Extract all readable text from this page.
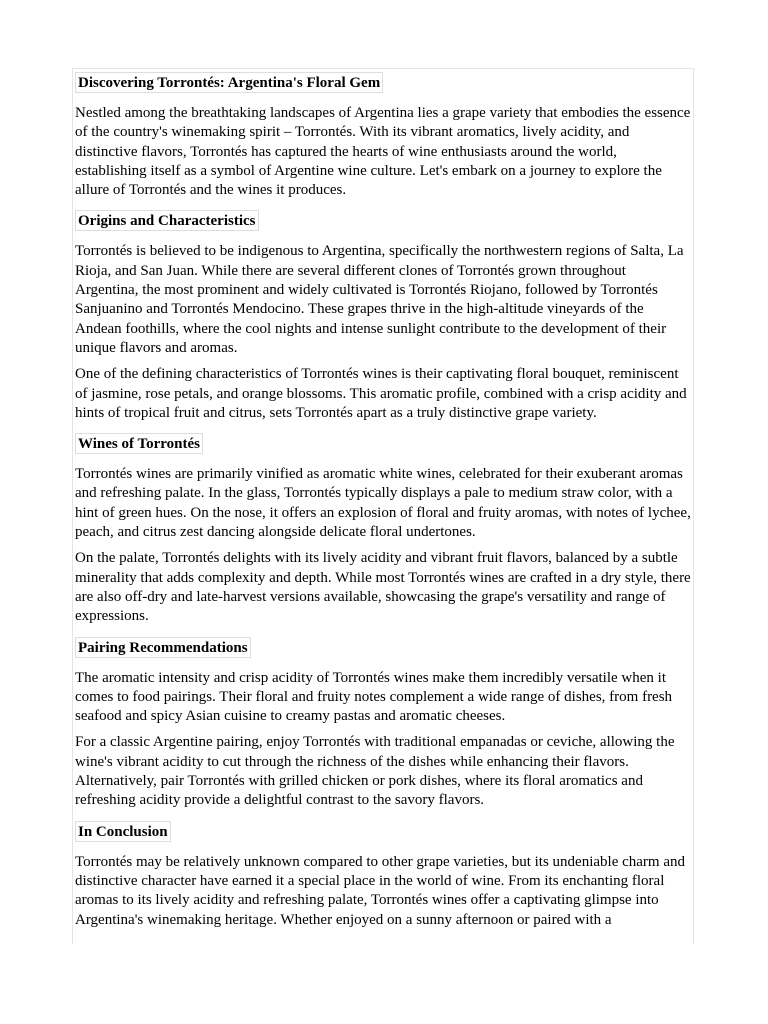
Discovering Torrontés: Argentina's Floral Gem

Nestled among the breathtaking landscapes of Argentina lies a grape variety that embodies the essence of the country's winemaking spirit – Torrontés. With its vibrant aromatics, lively acidity, and distinctive flavors, Torrontés has captured the hearts of wine enthusiasts around the world, establishing itself as a symbol of Argentine wine culture. Let's embark on a journey to explore the allure of Torrontés and the wines it produces.

Origins and Characteristics

Torrontés is believed to be indigenous to Argentina, specifically the northwestern regions of Salta, La Rioja, and San Juan. While there are several different clones of Torrontés grown throughout Argentina, the most prominent and widely cultivated is Torrontés Riojano, followed by Torrontés Sanjuanino and Torrontés Mendocino. These grapes thrive in the high-altitude vineyards of the Andean foothills, where the cool nights and intense sunlight contribute to the development of their unique flavors and aromas.

One of the defining characteristics of Torrontés wines is their captivating floral bouquet, reminiscent of jasmine, rose petals, and orange blossoms. This aromatic profile, combined with a crisp acidity and hints of tropical fruit and citrus, sets Torrontés apart as a truly distinctive grape variety.

Wines of Torrontés

Torrontés wines are primarily vinified as aromatic white wines, celebrated for their exuberant aromas and refreshing palate. In the glass, Torrontés typically displays a pale to medium straw color, with a hint of green hues. On the nose, it offers an explosion of floral and fruity aromas, with notes of lychee, peach, and citrus zest dancing alongside delicate floral undertones.

On the palate, Torrontés delights with its lively acidity and vibrant fruit flavors, balanced by a subtle minerality that adds complexity and depth. While most Torrontés wines are crafted in a dry style, there are also off-dry and late-harvest versions available, showcasing the grape's versatility and range of expressions.

Pairing Recommendations

The aromatic intensity and crisp acidity of Torrontés wines make them incredibly versatile when it comes to food pairings. Their floral and fruity notes complement a wide range of dishes, from fresh seafood and spicy Asian cuisine to creamy pastas and aromatic cheeses.

For a classic Argentine pairing, enjoy Torrontés with traditional empanadas or ceviche, allowing the wine's vibrant acidity to cut through the richness of the dishes while enhancing their flavors. Alternatively, pair Torrontés with grilled chicken or pork dishes, where its floral aromatics and refreshing acidity provide a delightful contrast to the savory flavors.

In Conclusion

Torrontés may be relatively unknown compared to other grape varieties, but its undeniable charm and distinctive character have earned it a special place in the world of wine. From its enchanting floral aromas to its lively acidity and refreshing palate, Torrontés wines offer a captivating glimpse into Argentina's winemaking heritage. Whether enjoyed on a sunny afternoon or paired with a
